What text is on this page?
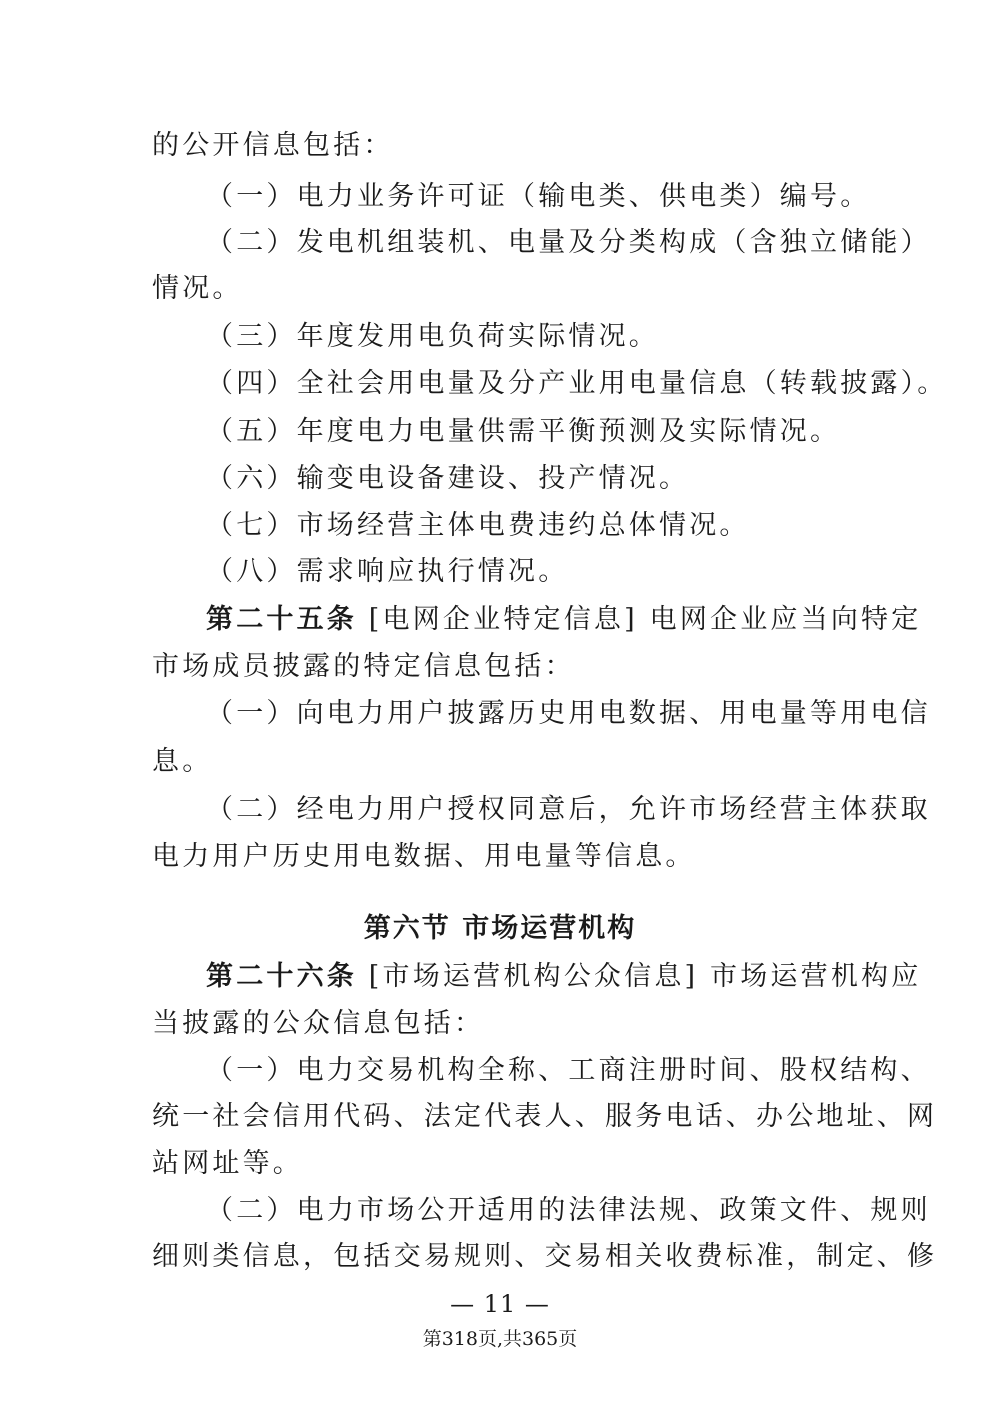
的公开信息包括：
（一）电力业务许可证（输电类、供电类）编号。
（二）发电机组装机、电量及分类构成（含独立储能）
情况。
（三）年度发用电负荷实际情况。
（四）全社会用电量及分产业用电量信息（转载披露）。
（五）年度电力电量供需平衡预测及实际情况。
（六）输变电设备建设、投产情况。
（七）市场经营主体电费违约总体情况。
（八）需求响应执行情况。
第二十五条 [电网企业特定信息] 电网企业应当向特定
市场成员披露的特定信息包括：
（一）向电力用户披露历史用电数据、用电量等用电信
息。
（二）经电力用户授权同意后，允许市场经营主体获取
电力用户历史用电数据、用电量等信息。
第六节 市场运营机构
第二十六条 [市场运营机构公众信息] 市场运营机构应
当披露的公众信息包括：
（一）电力交易机构全称、工商注册时间、股权结构、
统一社会信用代码、法定代表人、服务电话、办公地址、网
站网址等。
（二）电力市场公开适用的法律法规、政策文件、规则
细则类信息，包括交易规则、交易相关收费标准，制定、修
— 11 —
第318页,共365页
